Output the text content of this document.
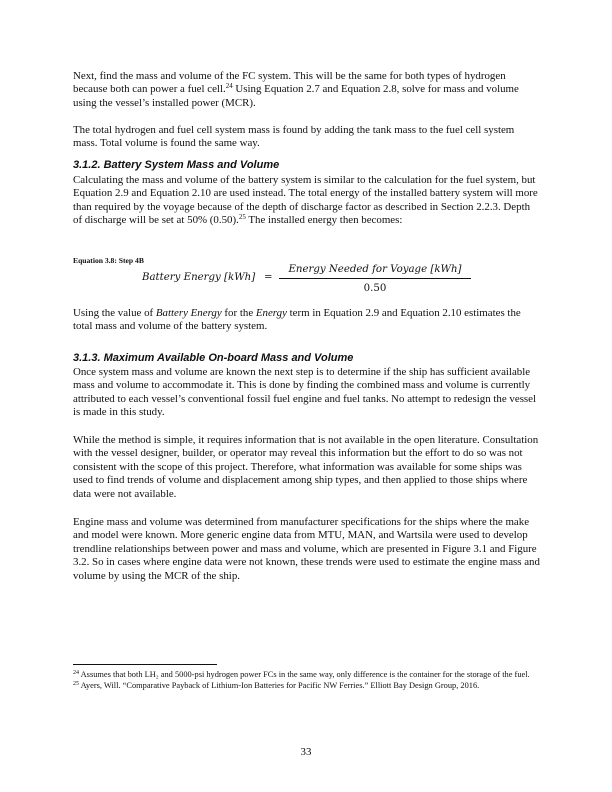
Next, find the mass and volume of the FC system. This will be the same for both types of hydrogen because both can power a fuel cell.$^{24}$ Using Equation 2.7 and Equation 2.8, solve for mass and volume using the vessel’s installed power (MCR).

The total hydrogen and fuel cell system mass is found by adding the tank mass to the fuel cell system mass. Total volume is found the same way.

3.1.2. Battery System Mass and Volume

Calculating the mass and volume of the battery system is similar to the calculation for the fuel system, but Equation 2.9 and Equation 2.10 are used instead. The total energy of the installed battery system will more than required by the voyage because of the depth of discharge factor as described in Section 2.2.3. Depth of discharge will be set at 50% (0.50).$^{25}$ The installed energy then becomes:

Equation 3.8: Step 4B
Battery Energy [kWh] =
Energy Needed for Voyage [kWh]
0.50

Using the value of Battery Energy for the Energy term in Equation 2.9 and Equation 2.10 estimates the total mass and volume of the battery system.

3.1.3. Maximum Available On-board Mass and Volume

Once system mass and volume are known the next step is to determine if the ship has sufficient available mass and volume to accommodate it. This is done by finding the combined mass and volume is currently attributed to each vessel’s conventional fossil fuel engine and fuel tanks. No attempt to redesign the vessel is made in this study.

While the method is simple, it requires information that is not available in the open literature. Consultation with the vessel designer, builder, or operator may reveal this information but the effort to do so was not consistent with the scope of this project. Therefore, what information was available for some ships was used to find trends of volume and displacement among ship types, and then applied to those ships where data were not available.

Engine mass and volume was determined from manufacturer specifications for the ships where the make and model were known. More generic engine data from MTU, MAN, and Wartsila were used to develop trendline relationships between power and mass and volume, which are presented in Figure 3.1 and Figure 3.2. So in cases where engine data were not known, these trends were used to estimate the engine mass and volume by using the MCR of the ship.

$^{24}$ Assumes that both LH₂ and 5000-psi hydrogen power FCs in the same way, only difference is the container for the storage of the fuel.

$^{25}$ Ayers, Will. “Comparative Payback of Lithium-Ion Batteries for Pacific NW Ferries.” Elliott Bay Design Group, 2016.

33
